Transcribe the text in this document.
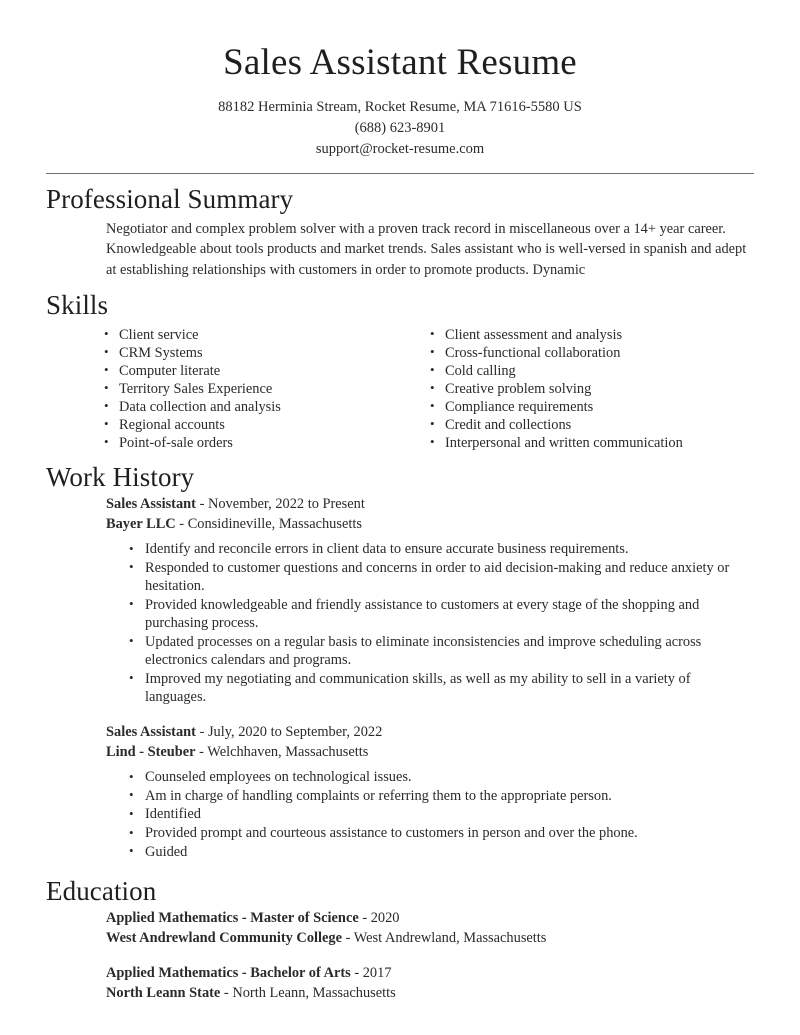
Sales Assistant Resume
88182 Herminia Stream, Rocket Resume, MA 71616-5580 US
(688) 623-8901
support@rocket-resume.com
Professional Summary

Negotiator and complex problem solver with a proven track record in miscellaneous over a 14+ year career. Knowledgeable about tools products and market trends. Sales assistant who is well-versed in spanish and adept at establishing relationships with customers in order to promote products. Dynamic

Skills
• Client service
• CRM Systems
• Computer literate
• Territory Sales Experience
• Data collection and analysis
• Regional accounts
• Point-of-sale orders
• Client assessment and analysis
• Cross-functional collaboration
• Cold calling
• Creative problem solving
• Compliance requirements
• Credit and collections
• Interpersonal and written communication
Work History
Sales Assistant - November, 2022 to Present
Bayer LLC - Considineville, Massachusetts
• Identify and reconcile errors in client data to ensure accurate business requirements.
• Responded to customer questions and concerns in order to aid decision-making and reduce anxiety or hesitation.
• Provided knowledgeable and friendly assistance to customers at every stage of the shopping and purchasing process.
• Updated processes on a regular basis to eliminate inconsistencies and improve scheduling across electronics calendars and programs.
• Improved my negotiating and communication skills, as well as my ability to sell in a variety of languages.
Sales Assistant - July, 2020 to September, 2022
Lind - Steuber - Welchhaven, Massachusetts
• Counseled employees on technological issues.
• Am in charge of handling complaints or referring them to the appropriate person.
• Identified
• Provided prompt and courteous assistance to customers in person and over the phone.
• Guided
Education
Applied Mathematics - Master of Science - 2020
West Andrewland Community College - West Andrewland, Massachusetts
Applied Mathematics - Bachelor of Arts - 2017
North Leann State - North Leann, Massachusetts
